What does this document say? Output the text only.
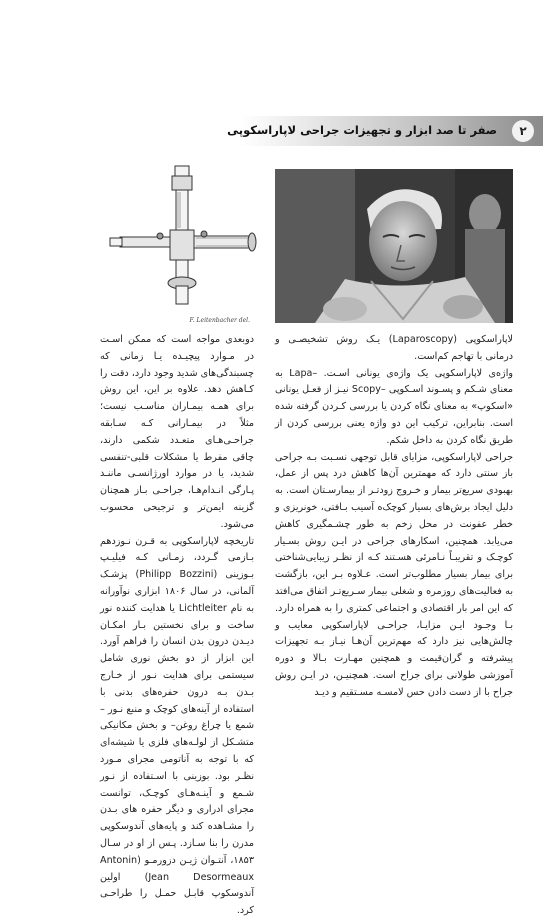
۲
صفر تا صد ابزار و تجهیزات جراحی لاپاراسکوپی
F. Leitenbacher del.

لاپاراسکوپی (Laparoscopy) یـک روش تشخیصـی و درمانی با تهاجم کم‌است.

واژه‌ی لاپاراسکوپی یک واژه‌ی یونانی اسـت. –Lapa به معنای شـکم و پسـوند اسـکوپی –Scopy نیـز از فعـل یونانی «اسکوپ» به معنای نگاه کردن یا بررسی کـردن گرفته شده است. بنابراین، ترکیب این دو واژه یعنی بررسی کردن از طریق نگاه کردن به داخل شکم.

جراحی لاپاراسکوپی، مزایای قابل توجهی نسـبت بـه جراحی باز سنتی دارد که مهمترین آن‌ها کاهش درد پس از عمل، بهبودی سریع‌تر بیمار و خـروج زودتـر از بیمارسـتان است. به دلیل ایجاد برش‌های بسیار کوچک‌ه آسیب بـافتی، خونریزی و خطر عفونت در محل زخم به طور چشـمگیری کاهش می‌یابد. همچنین، اسکارهای جراحی در ایـن روش بسـیار کوچـک و تقریبـاً نـامرئی هسـتند کـه از نظـر زیبایی‌شناختی برای بیمار بسیار مطلوب‌تر است. عـلاوه بـر این، بازگشت به فعالیت‌های روزمره و شغلی بیمار سـریع‌تـر اتفاق می‌افتد که این امر بار اقتصادی و اجتماعی کمتری را به همراه دارد. بـا وجـود ایـن مزایـا، جراحـی لاپاراسکوپی معایب و چالش‌هایی نیز دارد که مهم‌ترین آن‌هـا نیـاز بـه تجهیزات پیشرفته و گران‌قیمت و همچنین مهـارت بـالا و دوره آموزشی طولانی برای جراح است. همچنیـن، در ایـن روش جراح با از دست دادن حس لامسـه مسـتقیم و دیـد

دوبعدی مواجه است که ممکن اسـت در مـوارد پیچیـده یـا زمانی که چسبندگی‌های شدید وجود دارد، دقت را کـاهش دهد. علاوه بر این، این روش برای همـه بیمـاران مناسـب نیست؛ مثلاً در بیمـارانی کـه سـابقه جراحـی‌هـای متعـدد شکمی دارند، چاقی مفرط یا مشکلات قلبی-تنفسی شدید، یا در موارد اورژانسـی ماننـد پـارگی انـدام‌هـا، جراحـی بـاز همچنان گزینه ایمن‌تر و ترجیحی محسوب می‌شود.

تاریخچه لاپاراسکوپی به قـرن نـوزدهم بـازمی گـردد، زمـانی کـه فیلیـپ بـوزینی (Philipp Bozzini) پزشـک آلمانی، در سال ۱۸۰۶ ابزاری نوآورانه به نام Lichtleiter یا هدایت کننده نور ساخت و برای نخستین بـار امکـان دیـدن درون بدن انسان را فراهم آورد. این ابزار از دو بخش نوری شامل سیستمی برای هدایت نـور از خـارج بـدن بـه درون حفره‌های بدنی با استفاده از آینه‌های کوچک و منبع نـور – شمع یا چراغ روغن– و بخش مکانیکی متشـکل از لولـه‌های فلزی یا شیشه‌ای که با توجه به آناتومی مجرای مـورد نظـر بود. بوزینی با اسـتفاده از نـور شـمع و آینـه‌هـای کوچـک، توانست مجرای ادراری و دیگر حفره های بـدن را مشـاهده کند و پایه‌های آندوسکوپی مدرن را بنا سـازد. پـس از او در سـال ۱۸۵۳، آنتـوان ژیـن دزورمـو (Antonin Jean Desormeaux) اولین آندوسکوپ قابـل حمـل را طراحـی کرد.
